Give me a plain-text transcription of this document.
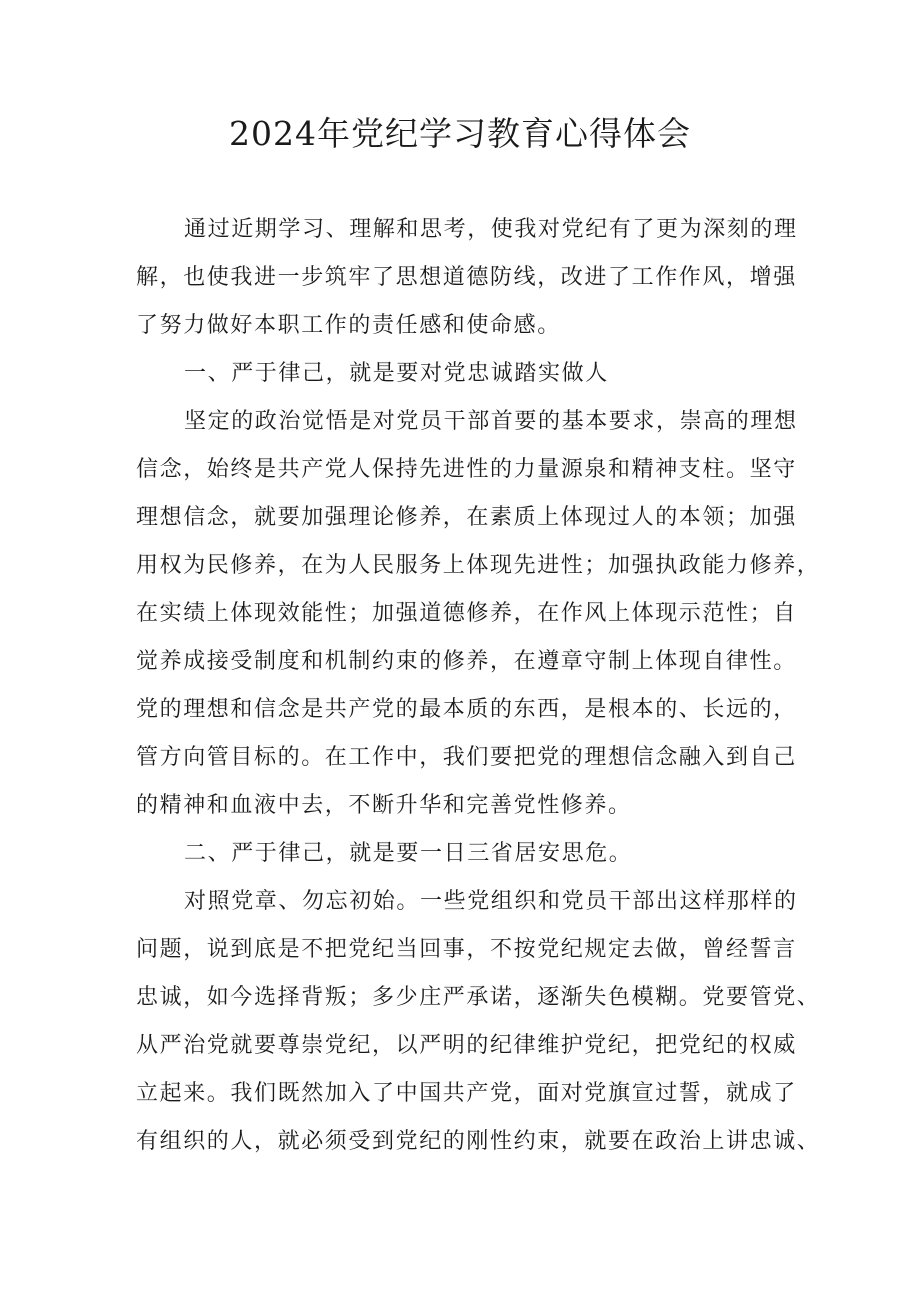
2024年党纪学习教育心得体会
通过近期学习、理解和思考，使我对党纪有了更为深刻的理
解，也使我进一步筑牢了思想道德防线，改进了工作作风，增强
了努力做好本职工作的责任感和使命感。
一、严于律己，就是要对党忠诚踏实做人
坚定的政治觉悟是对党员干部首要的基本要求，崇高的理想
信念，始终是共产党人保持先进性的力量源泉和精神支柱。坚守
理想信念，就要加强理论修养，在素质上体现过人的本领；加强
用权为民修养，在为人民服务上体现先进性；加强执政能力修养，
在实绩上体现效能性；加强道德修养，在作风上体现示范性；自
觉养成接受制度和机制约束的修养，在遵章守制上体现自律性。
党的理想和信念是共产党的最本质的东西，是根本的、长远的，
管方向管目标的。在工作中，我们要把党的理想信念融入到自己
的精神和血液中去，不断升华和完善党性修养。
二、严于律己，就是要一日三省居安思危。
对照党章、勿忘初始。一些党组织和党员干部出这样那样的
问题，说到底是不把党纪当回事，不按党纪规定去做，曾经誓言
忠诚，如今选择背叛；多少庄严承诺，逐渐失色模糊。党要管党、
从严治党就要尊崇党纪，以严明的纪律维护党纪，把党纪的权威
立起来。我们既然加入了中国共产党，面对党旗宣过誓，就成了
有组织的人，就必须受到党纪的刚性约束，就要在政治上讲忠诚、
